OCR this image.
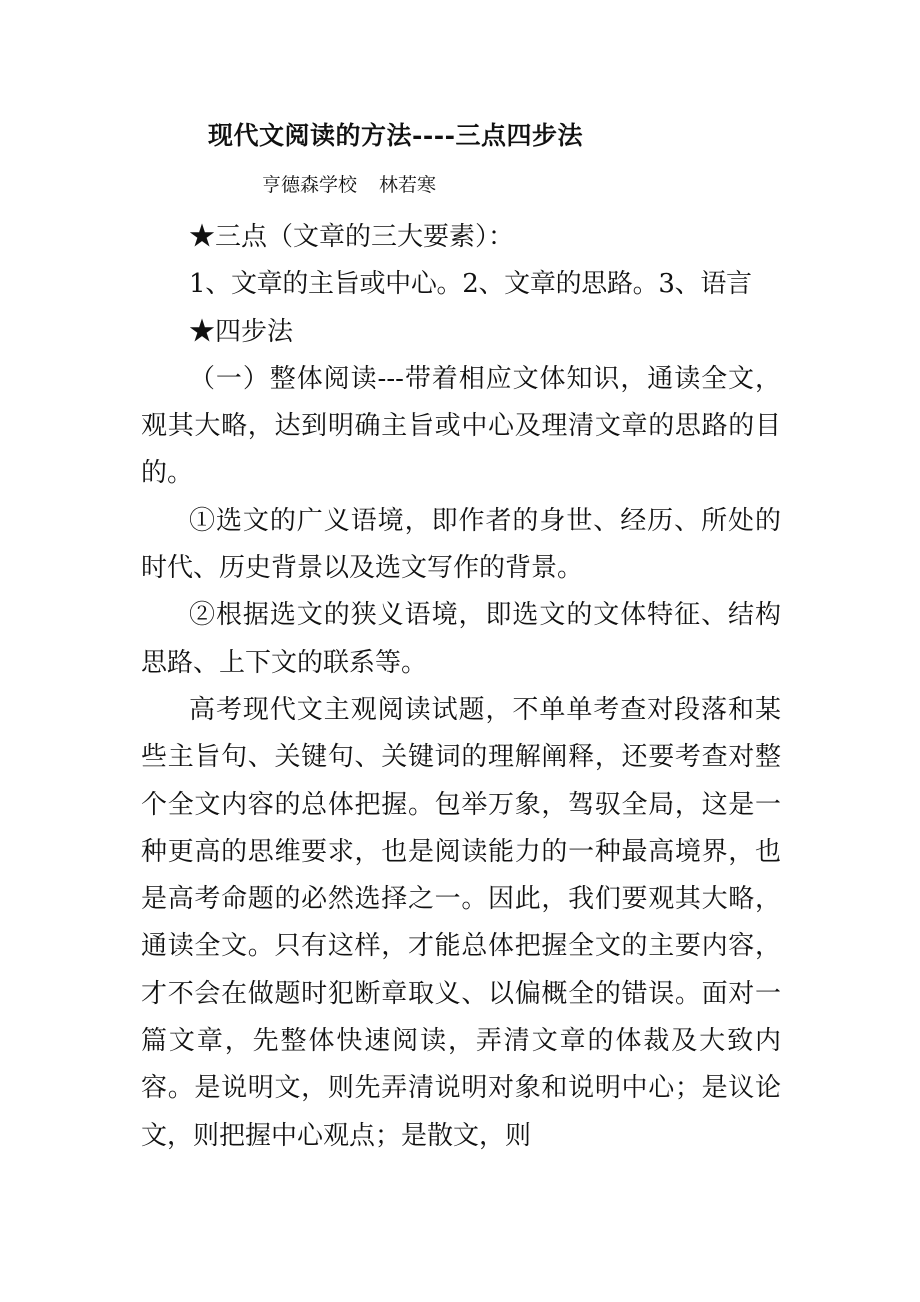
现代文阅读的方法----三点四步法
亨德森学校 林若寒

★三点（文章的三大要素）：

1、文章的主旨或中心。2、文章的思路。3、语言

★四步法

（一）整体阅读---带着相应文体知识，通读全文，观其大略，达到明确主旨或中心及理清文章的思路的目的。

①选文的广义语境，即作者的身世、经历、所处的时代、历史背景以及选文写作的背景。

②根据选文的狭义语境，即选文的文体特征、结构思路、上下文的联系等。

高考现代文主观阅读试题，不单单考查对段落和某些主旨句、关键句、关键词的理解阐释，还要考查对整个全文内容的总体把握。包举万象，驾驭全局，这是一种更高的思维要求，也是阅读能力的一种最高境界，也是高考命题的必然选择之一。因此，我们要观其大略，通读全文。只有这样，才能总体把握全文的主要内容，才不会在做题时犯断章取义、以偏概全的错误。面对一篇文章，先整体快速阅读，弄清文章的体裁及大致内容。是说明文，则先弄清说明对象和说明中心；是议论文，则把握中心观点；是散文，则
